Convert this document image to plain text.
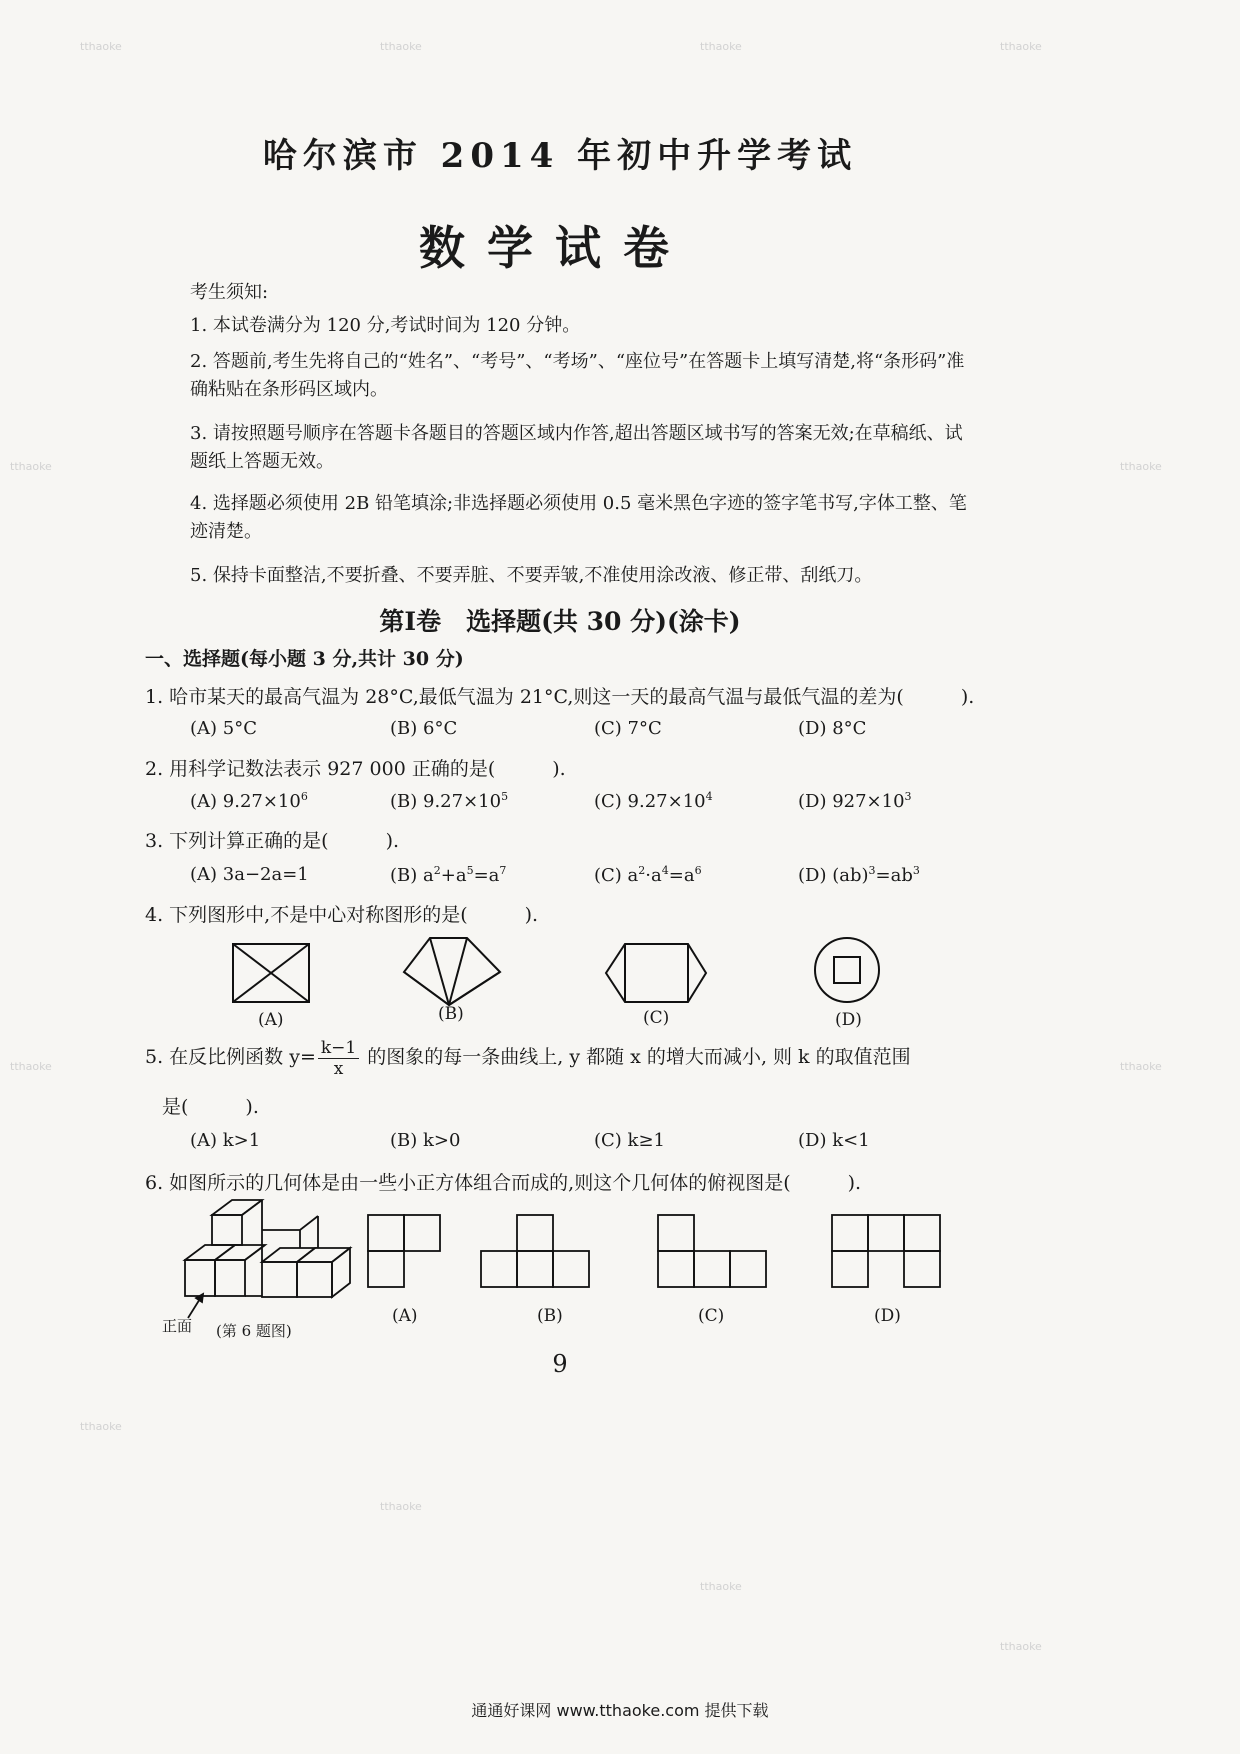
tthaoke	tthaoke	tthaoke	tthaoke
tthaoke	tthaoke
tthaoke	tthaoke
tthaoke
tthaoke
tthaoke
tthaoke
哈尔滨市 2014 年初中升学考试
数学试卷
考生须知:
1. 本试卷满分为 120 分,考试时间为 120 分钟。
2. 答题前,考生先将自己的“姓名”、“考号”、“考场”、“座位号”在答题卡上填写清楚,将“条形码”准确粘贴在条形码区域内。
3. 请按照题号顺序在答题卡各题目的答题区域内作答,超出答题区域书写的答案无效;在草稿纸、试题纸上答题无效。
4. 选择题必须使用 2B 铅笔填涂;非选择题必须使用 0.5 毫米黑色字迹的签字笔书写,字体工整、笔迹清楚。
5. 保持卡面整洁,不要折叠、不要弄脏、不要弄皱,不准使用涂改液、修正带、刮纸刀。
第Ⅰ卷　选择题(共 30 分)(涂卡)
一、选择题(每小题 3 分,共计 30 分)
1. 哈市某天的最高气温为 28°C,最低气温为 21°C,则这一天的最高气温与最低气温的差为(　　　).
(A) 5°C	(B) 6°C	(C) 7°C	(D) 8°C
2. 用科学记数法表示 927 000 正确的是(　　　).
(A) $9.27\times 10^6$	(B) $9.27\times 10^5$	(C) $9.27\times 10^4$	(D) $927\times 10^3$
3. 下列计算正确的是(　　　).
(A) 3a−2a=1	(B) $a^2+a^5=a^7$	(C) $a^2\cdot a^4=a^6$	(D) $(ab)^3=ab^3$
4. 下列图形中,不是中心对称图形的是(　　　).
(A)	(B)	(C)	(D)
5. 在反比例函数 $y= \frac{k-1}{x}$ 的图象的每一条曲线上, y 都随 x 的增大而减小, 则 k 的取值范围
是(　　　).
(A) k>1	(B) k>0	(C) k≥1	(D) k<1
6. 如图所示的几何体是由一些小正方体组合而成的,则这个几何体的俯视图是(　　　).
正面 (第 6 题图)
(A)	(B)	(C)	(D)
9
通通好课网 www.tthaoke.com 提供下载
